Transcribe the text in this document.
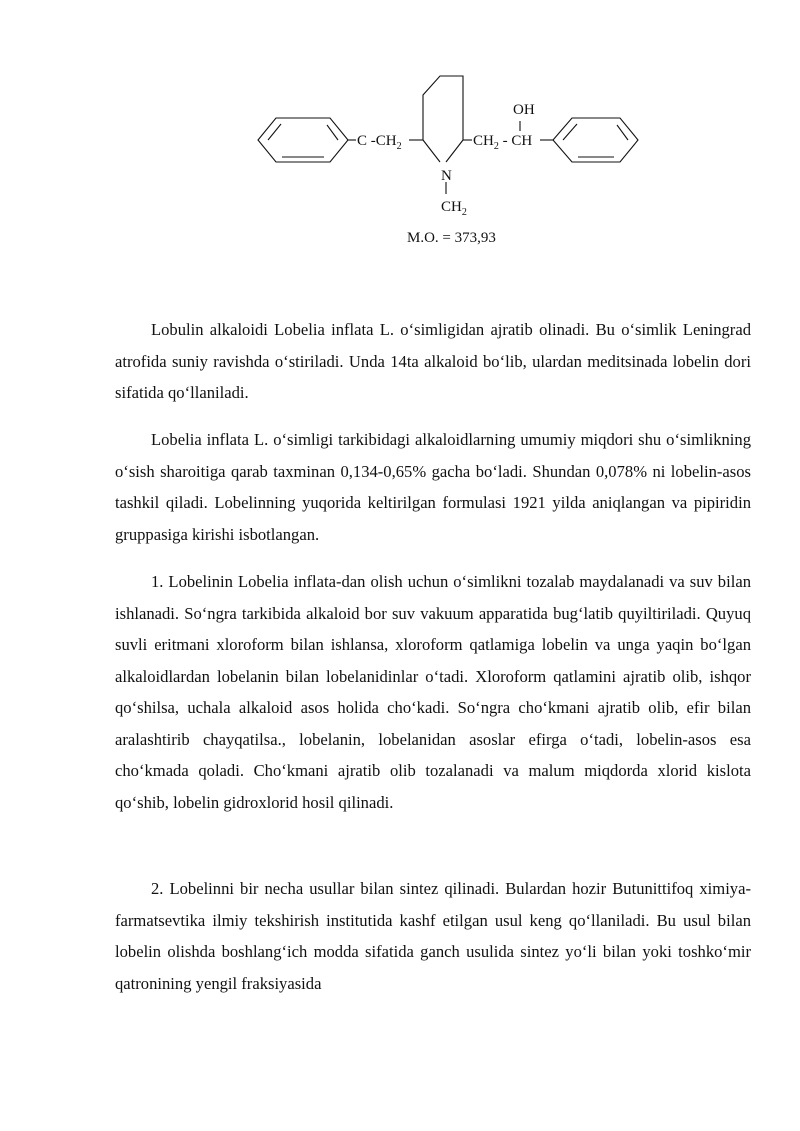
C $-CH_2$	$CH_2$ - CH
OH
N
$CH_2$
M.O. = 373,93

Lobulin alkaloidi Lobelia inflata L. o‘simligidan ajratib olinadi. Bu o‘simlik Leningrad atrofida suniy ravishda o‘stiriladi. Unda 14ta alkaloid bo‘lib, ulardan meditsinada lobelin dori sifatida qo‘llaniladi.

Lobelia inflata L. o‘simligi tarkibidagi alkaloidlarning umumiy miqdori shu o‘simlikning o‘sish sharoitiga qarab taxminan 0,134-0,65% gacha bo‘ladi. Shundan 0,078% ni lobelin-asos tashkil qiladi. Lobelinning yuqorida keltirilgan formulasi 1921 yilda aniqlangan va pipiridin gruppasiga kirishi isbotlangan.

1. Lobelinin Lobelia inflata-dan olish uchun o‘simlikni tozalab maydalanadi va suv bilan ishlanadi. So‘ngra tarkibida alkaloid bor suv vakuum apparatida bug‘latib quyiltiriladi. Quyuq suvli eritmani xloroform bilan ishlansa, xloroform qatlamiga lobelin va unga yaqin bo‘lgan alkaloidlardan lobelanin bilan lobelanidinlar o‘tadi. Xloroform qatlamini ajratib olib, ishqor qo‘shilsa, uchala alkaloid asos holida cho‘kadi. So‘ngra cho‘kmani ajratib olib, efir bilan aralashtirib chayqatilsa., lobelanin, lobelanidan asoslar efirga o‘tadi, lobelin-asos esa cho‘kmada qoladi. Cho‘kmani ajratib olib tozalanadi va malum miqdorda xlorid kislota qo‘shib, lobelin gidroxlorid hosil qilinadi.

2. Lobelinni bir necha usullar bilan sintez qilinadi. Bulardan hozir Butunittifoq ximiya-farmatsevtika ilmiy tekshirish institutida kashf etilgan usul keng qo‘llaniladi. Bu usul bilan lobelin olishda boshlang‘ich modda sifatida ganch usulida sintez yo‘li bilan yoki toshko‘mir qatronining yengil fraksiyasida
